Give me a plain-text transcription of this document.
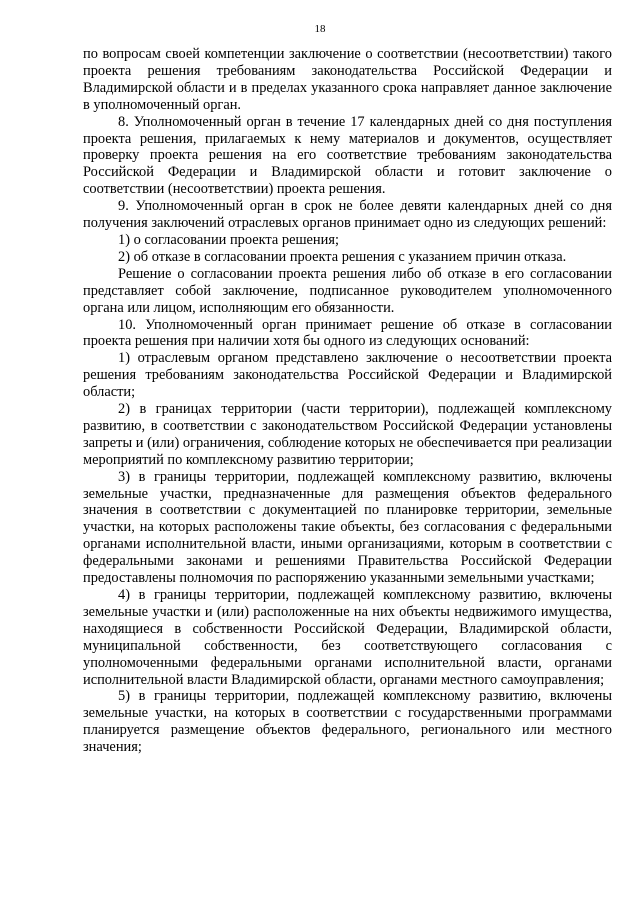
18

по вопросам своей компетенции заключение о соответствии (несоответствии) такого проекта решения требованиям законодательства Российской Федерации и Владимирской области и в пределах указанного срока направляет данное заключение в уполномоченный орган.

8. Уполномоченный орган в течение 17 календарных дней со дня поступления проекта решения, прилагаемых к нему материалов и документов, осуществляет проверку проекта решения на его соответствие требованиям законодательства Российской Федерации и Владимирской области и готовит заключение о соответствии (несоответствии) проекта решения.

9. Уполномоченный орган в срок не более девяти календарных дней со дня получения заключений отраслевых органов принимает одно из следующих решений:

1) о согласовании проекта решения;

2) об отказе в согласовании проекта решения с указанием причин отказа.

Решение о согласовании проекта решения либо об отказе в его согласовании представляет собой заключение, подписанное руководителем уполномоченного органа или лицом, исполняющим его обязанности.

10. Уполномоченный орган принимает решение об отказе в согласовании проекта решения при наличии хотя бы одного из следующих оснований:

1) отраслевым органом представлено заключение о несоответствии проекта решения требованиям законодательства Российской Федерации и Владимирской области;

2) в границах территории (части территории), подлежащей комплексному развитию, в соответствии с законодательством Российской Федерации установлены запреты и (или) ограничения, соблюдение которых не обеспечивается при реализации мероприятий по комплексному развитию территории;

3) в границы территории, подлежащей комплексному развитию, включены земельные участки, предназначенные для размещения объектов федерального значения в соответствии с документацией по планировке территории, земельные участки, на которых расположены такие объекты, без согласования с федеральными органами исполнительной власти, иными организациями, которым в соответствии с федеральными законами и решениями Правительства Российской Федерации предоставлены полномочия по распоряжению указанными земельными участками;

4) в границы территории, подлежащей комплексному развитию, включены земельные участки и (или) расположенные на них объекты недвижимого имущества, находящиеся в собственности Российской Федерации, Владимирской области, муниципальной собственности, без соответствующего согласования с уполномоченными федеральными органами исполнительной власти, органами исполнительной власти Владимирской области, органами местного самоуправления;

5) в границы территории, подлежащей комплексному развитию, включены земельные участки, на которых в соответствии с государственными программами планируется размещение объектов федерального, регионального или местного значения;
